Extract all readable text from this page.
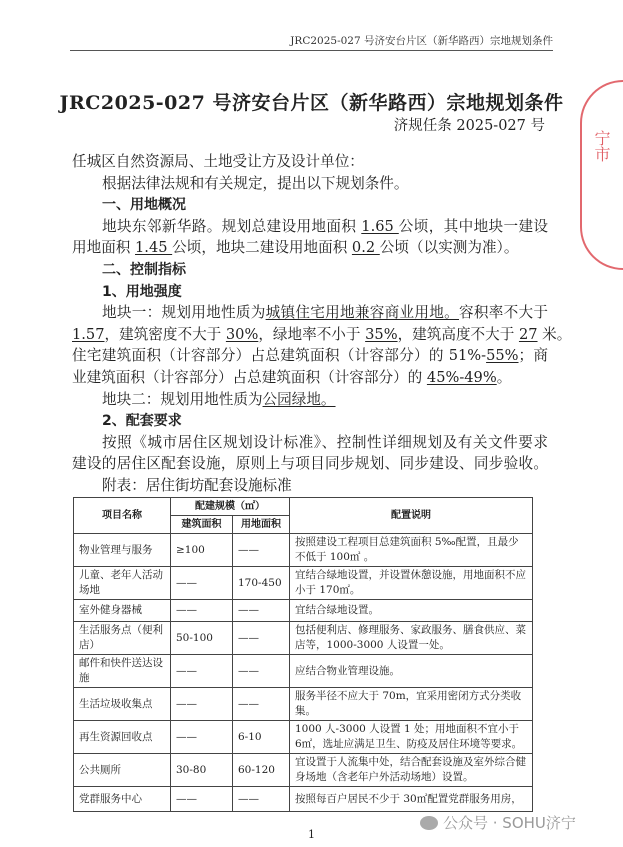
JRC2025-027 号济安台片区（新华路西）宗地规划条件
宁市
JRC2025-027 号济安台片区（新华路西）宗地规划条件
济规任条 2025-027 号
任城区自然资源局、土地受让方及设计单位：
根据法律法规和有关规定，提出以下规划条件。
一、用地概况
地块东邻新华路。规划总建设用地面积 1.65 公顷，其中地块一建设
用地面积 1.45 公顷，地块二建设用地面积 0.2 公顷（以实测为准）。
二、控制指标
1、用地强度
地块一：规划用地性质为城镇住宅用地兼容商业用地。容积率不大于
1.57，建筑密度不大于 30%，绿地率不小于 35%，建筑高度不大于 27 米。
住宅建筑面积（计容部分）占总建筑面积（计容部分）的 51%-55%；商
业建筑面积（计容部分）占总建筑面积（计容部分）的 45%-49%。
地块二：规划用地性质为公园绿地。
2、配套要求
按照《城市居住区规划设计标准》、控制性详细规划及有关文件要求
建设的居住区配套设施，原则上与项目同步规划、同步建设、同步验收。
附表：居住街坊配套设施标准
项目名称	配建规模（㎡）		配置说明
	建筑面积	用地面积	
物业管理与服务	≥100	——	按照建设工程项目总建筑面积 5‰配置，且最少不低于 100㎡ 。
儿童、老年人活动场地	——	170-450	宜结合绿地设置，并设置休憩设施，用地面积不应小于 170㎡。
室外健身器械	——	——	宜结合绿地设置。
生活服务点（便利店）	50-100	——	包括便利店、修理服务、家政服务、膳食供应、菜店等，1000-3000 人设置一处。
邮件和快件送达设施	——	——	应结合物业管理设施。
生活垃圾收集点	——	——	服务半径不应大于 70m，宜采用密闭方式分类收集。
再生资源回收点	——	6-10	1000 人-3000 人设置 1 处；用地面积不宜小于 6㎡，选址应满足卫生、防疫及居住环境等要求。
公共厕所	30-80	60-120	宜设置于人流集中处，结合配套设施及室外综合健身场地（含老年户外活动场地）设置。
党群服务中心	——	——	按照每百户居民不少于 30㎡配置党群服务用房，
公众号 · SOHU济宁
1
